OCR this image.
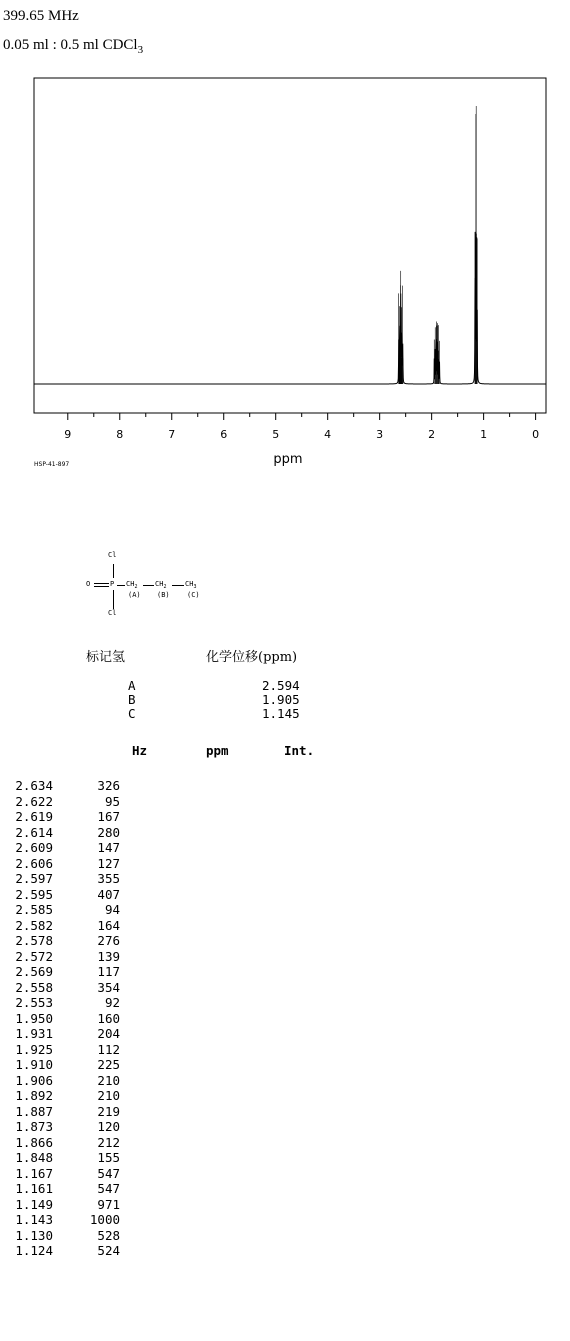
399.65 MHz
0.05 ml : 0.5 ml CDCl$_3$
9	8	7	6	5	4	3	2	1	0
ppm
HSP-41-897
Cl
O	P $CH_2$	$CH_2$	$CH_3$
(A) (B) (C)
Cl
标记氢	化学位移(ppm)
A	2.594
B	1.905
C	1.145
Hz	ppm	Int.
2.634	326
2.622	95
2.619	167
2.614	280
2.609	147
2.606	127
2.597	355
2.595	407
2.585	94
2.582	164
2.578	276
2.572	139
2.569	117
2.558	354
2.553	92
1.950	160
1.931	204
1.925	112
1.910	225
1.906	210
1.892	210
1.887	219
1.873	120
1.866	212
1.848	155
1.167	547
1.161	547
1.149	971
1.143	1000
1.130	528
1.124	524
